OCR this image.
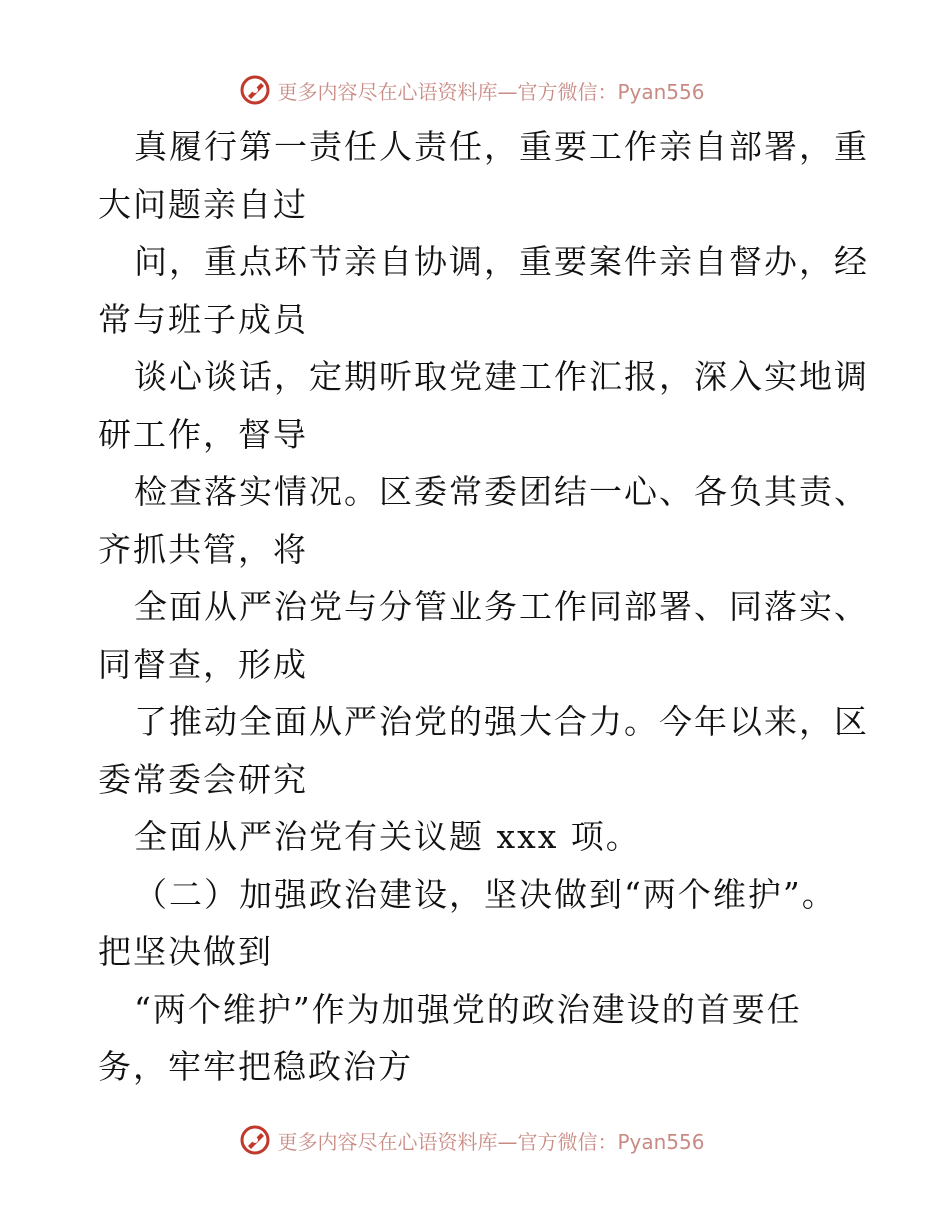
更多内容尽在心语资料库—官方微信：Pyan556
真履行第一责任人责任，重要工作亲自部署，重
大问题亲自过
问，重点环节亲自协调，重要案件亲自督办，经
常与班子成员
谈心谈话，定期听取党建工作汇报，深入实地调
研工作，督导
检查落实情况。区委常委团结一心、各负其责、
齐抓共管，将
全面从严治党与分管业务工作同部署、同落实、
同督查，形成
了推动全面从严治党的强大合力。今年以来，区
委常委会研究
全面从严治党有关议题 xxx 项。
（二）加强政治建设，坚决做到“两个维护”。
把坚决做到
“两个维护”作为加强党的政治建设的首要任
务，牢牢把稳政治方
更多内容尽在心语资料库—官方微信：Pyan556
